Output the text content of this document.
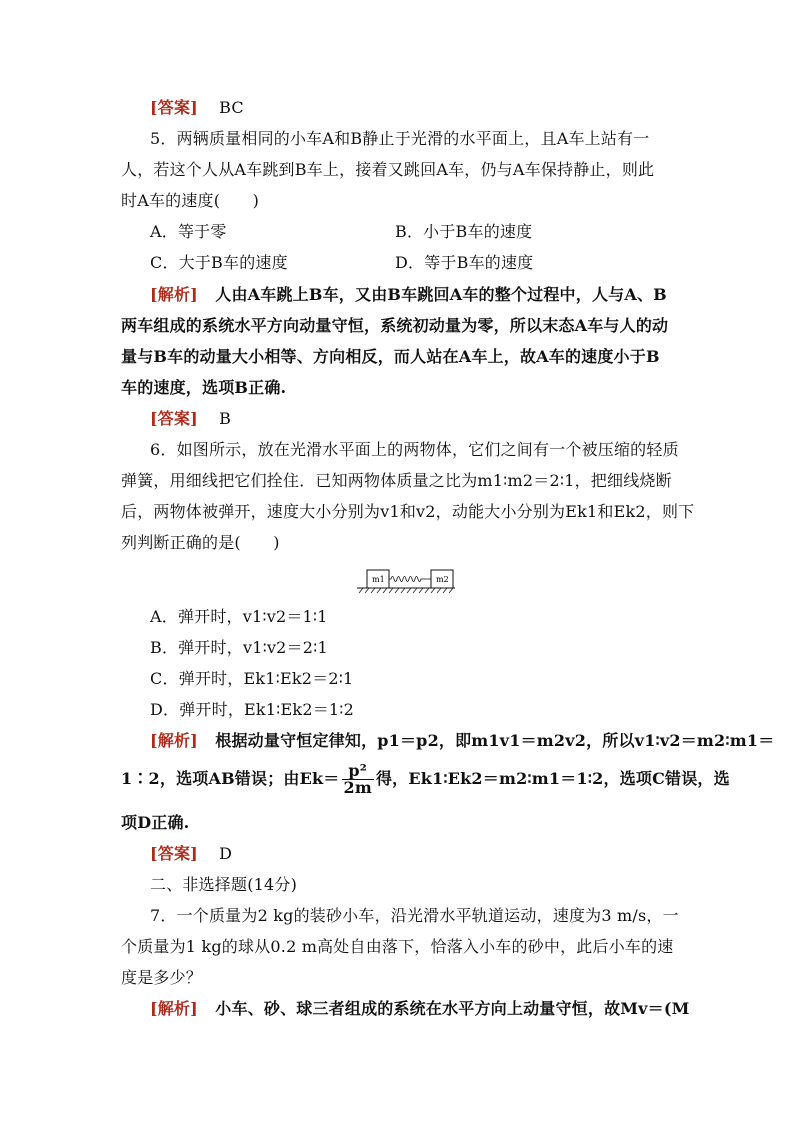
[答案] BC
5．两辆质量相同的小车A和B静止于光滑的水平面上，且A车上站有一
人，若这个人从A车跳到B车上，接着又跳回A车，仍与A车保持静止，则此
时A车的速度(　　)
A．等于零	B．小于B车的速度
C．大于B车的速度	D．等于B车的速度
[解析] 人由A车跳上B车，又由B车跳回A车的整个过程中，人与A、B
两车组成的系统水平方向动量守恒，系统初动量为零，所以末态A车与人的动
量与B车的动量大小相等、方向相反，而人站在A车上，故A车的速度小于B
车的速度，选项B正确.
[答案] B
6．如图所示，放在光滑水平面上的两物体，它们之间有一个被压缩的轻质
弹簧，用细线把它们拴住．已知两物体质量之比为m1∶m2＝2∶1，把细线烧断
后，两物体被弹开，速度大小分别为v1和v2，动能大小分别为Ek1和Ek2，则下
列判断正确的是(　　)
m1	m2
A．弹开时，v1∶v2＝1∶1
B．弹开时，v1∶v2＝2∶1
C．弹开时，Ek1∶Ek2＝2∶1
D．弹开时，Ek1∶Ek2＝1∶2
[解析] 根据动量守恒定律知，p1＝p2，即m1v1＝m2v2，所以v1∶v2＝m2∶m1＝
1∶2，选项AB错误；由$Ek= \frac{\text{p²}}{2m}$ 得，Ek1∶Ek2＝m2∶m1＝1∶2，选项C错误，选
项D正确.
[答案] D
二、非选择题(14分)
7．一个质量为2 kg的装砂小车，沿光滑水平轨道运动，速度为3 m/s，一
个质量为1 kg的球从0.2 m高处自由落下，恰落入小车的砂中，此后小车的速
度是多少？
[解析] 小车、砂、球三者组成的系统在水平方向上动量守恒，故Mv＝(M
